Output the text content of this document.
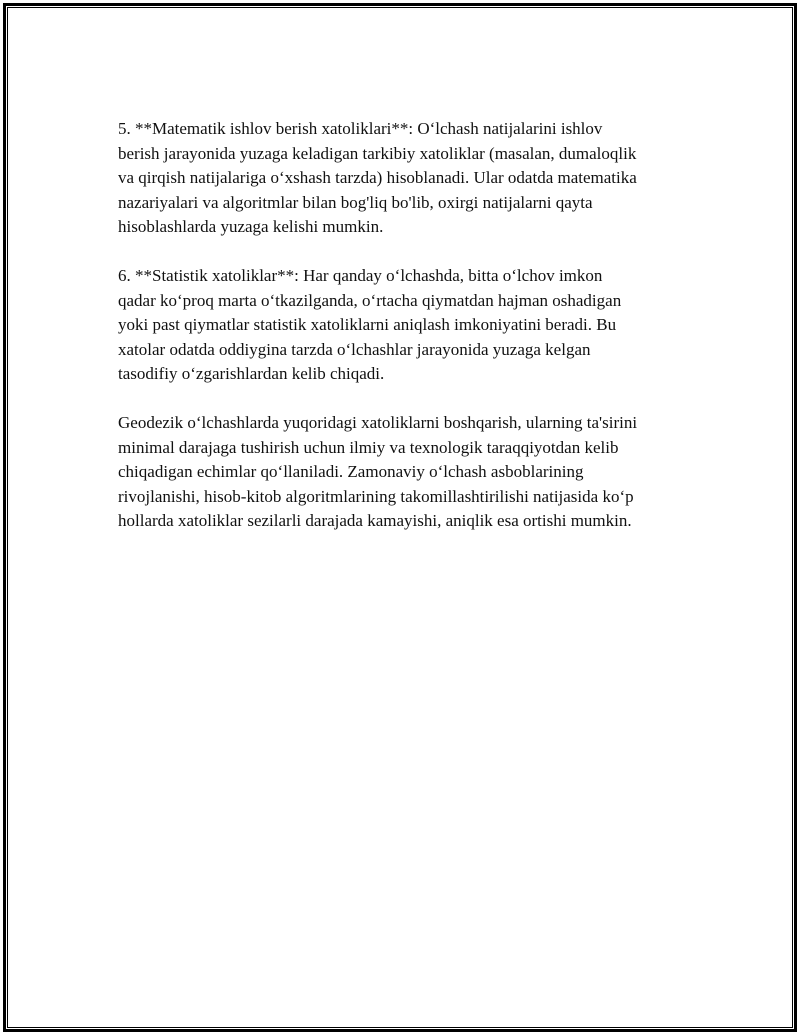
5. **Matematik ishlov berish xatoliklari**: O‘lchash natijalarini ishlov
berish jarayonida yuzaga keladigan tarkibiy xatoliklar (masalan, dumaloqlik
va qirqish natijalariga o‘xshash tarzda) hisoblanadi. Ular odatda matematika
nazariyalari va algoritmlar bilan bog'liq bo'lib, oxirgi natijalarni qayta
hisoblashlarda yuzaga kelishi mumkin.

6. **Statistik xatoliklar**: Har qanday o‘lchashda, bitta o‘lchov imkon
qadar ko‘proq marta o‘tkazilganda, o‘rtacha qiymatdan hajman oshadigan
yoki past qiymatlar statistik xatoliklarni aniqlash imkoniyatini beradi. Bu
xatolar odatda oddiygina tarzda o‘lchashlar jarayonida yuzaga kelgan
tasodifiy o‘zgarishlardan kelib chiqadi.

Geodezik o‘lchashlarda yuqoridagi xatoliklarni boshqarish, ularning ta'sirini
minimal darajaga tushirish uchun ilmiy va texnologik taraqqiyotdan kelib
chiqadigan echimlar qo‘llaniladi. Zamonaviy o‘lchash asboblarining
rivojlanishi, hisob-kitob algoritmlarining takomillashtirilishi natijasida ko‘p
hollarda xatoliklar sezilarli darajada kamayishi, aniqlik esa ortishi mumkin.
